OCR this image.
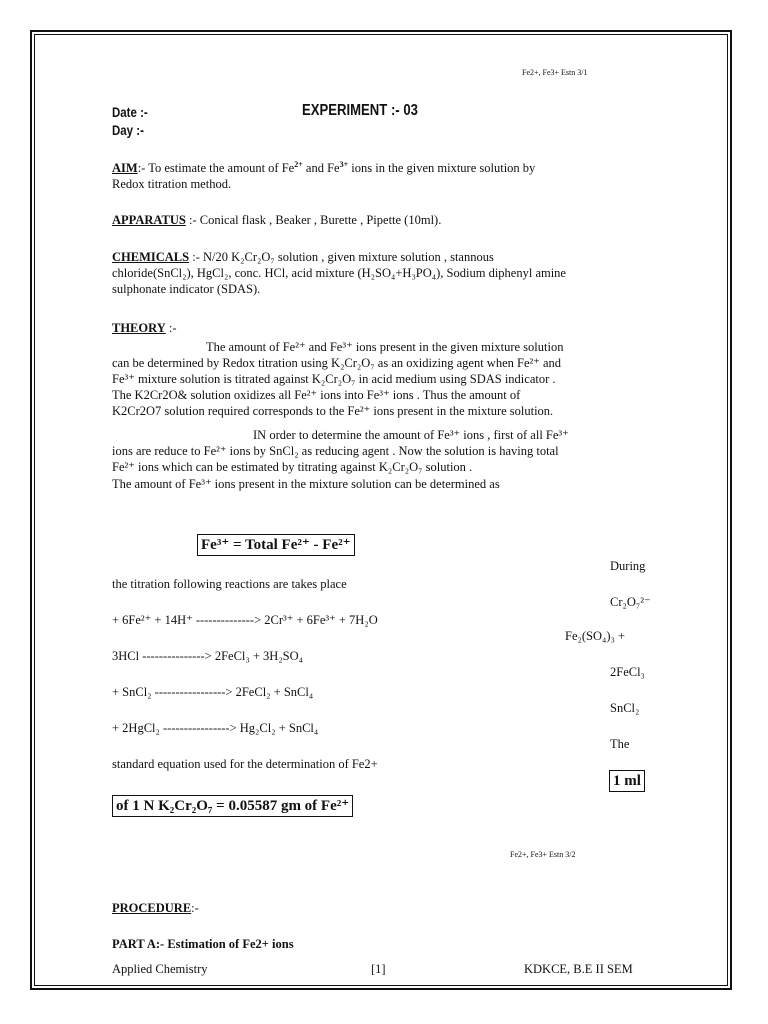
Fe2+, Fe3+ Estn 3/1
Date :-
Day :-
EXPERIMENT :- 03
AIM:- To estimate the amount of $Fe^{2+}$ and $Fe^{3+}$ ions in the given mixture solution by
Redox titration method.
APPARATUS :- Conical flask , Beaker , Burette , Pipette (10ml).
CHEMICALS :- N/20 K₂Cr₂O₇ solution , given mixture solution , stannous
chloride(SnCl₂), HgCl₂, conc. HCl, acid mixture (H₂SO₄+H₃PO₄), Sodium diphenyl amine
sulphonate indicator (SDAS).
THEORY :-
The amount of Fe²⁺ and Fe³⁺ ions present in the given mixture solution
can be determined by Redox titration using K₂Cr₂O₇ as an oxidizing agent when Fe²⁺ and
Fe³⁺ mixture solution is titrated against K₂Cr₂O₇ in acid medium using SDAS indicator .
The K2Cr2O& solution oxidizes all Fe²⁺ ions into Fe³⁺ ions . Thus the amount of
K2Cr2O7 solution required corresponds to the Fe²⁺ ions present in the mixture solution.
IN order to determine the amount of Fe³⁺ ions , first of all Fe³⁺
ions are reduce to Fe²⁺ ions by SnCl₂ as reducing agent . Now the solution is having total
Fe²⁺ ions which can be estimated by titrating against K₂Cr₂O₇ solution .
The amount of Fe³⁺ ions present in the mixture solution can be determined as
Fe³⁺ = Total Fe²⁺ - Fe²⁺
During
Cr₂O₇²⁻
Fe₂(SO₄)₃ +
2FeCl₃
SnCl₂
The
1 ml
the titration following reactions are takes place
+ 6Fe²⁺ + 14H⁺ --------------> 2Cr³⁺ + 6Fe³⁺ + 7H₂O
3HCl ---------------> 2FeCl₃ + 3H₂SO₄
+ SnCl₂ -----------------> 2FeCl₂ + SnCl₄
+ 2HgCl₂ ----------------> Hg₂Cl₂ + SnCl₄
standard equation used for the determination of Fe2+
of 1 N K₂Cr₂O₇ = 0.05587 gm of Fe²⁺
Fe2+, Fe3+ Estn 3/2
PROCEDURE:-
PART A:- Estimation of Fe2+ ions
Applied Chemistry	[1]	KDKCE, B.E II SEM
